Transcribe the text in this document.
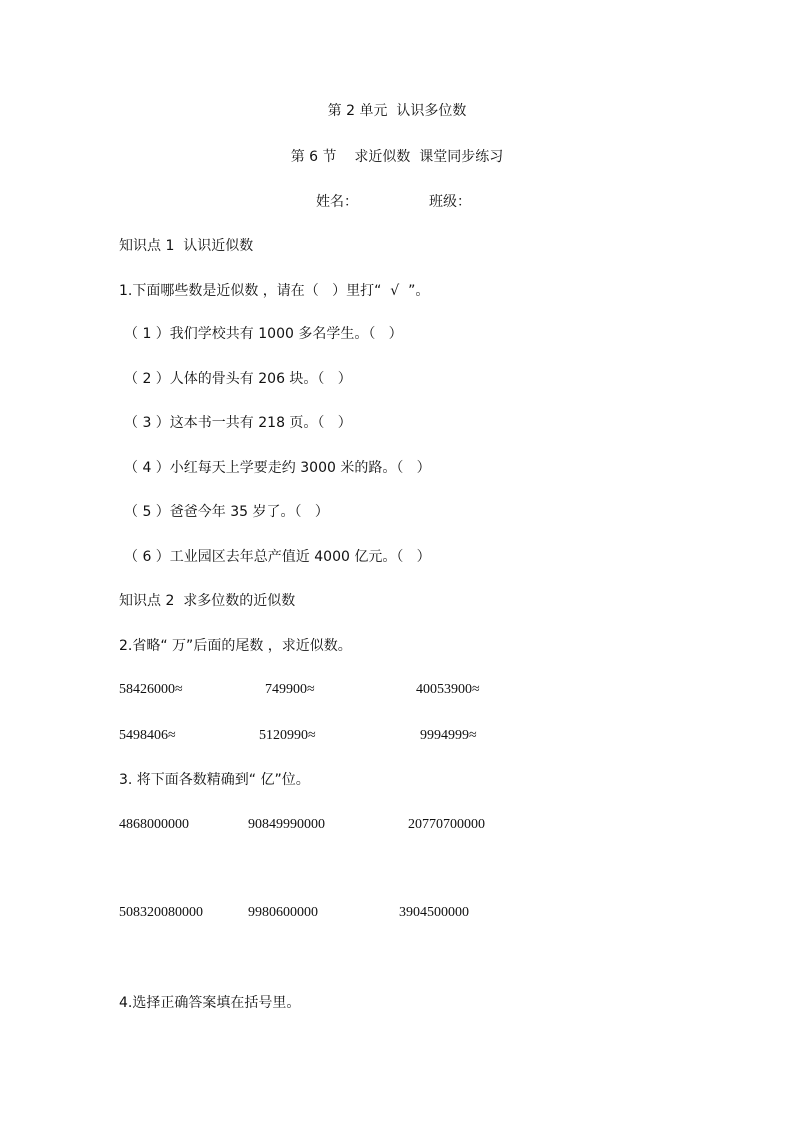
第 2 单元  认识多位数
第 6 节    求近似数  课堂同步练习
姓名：	班级：
知识点 1  认识近似数
1.下面哪些数是近似数 ，请在（   ）里打“  √  ”。
（ 1 ）我们学校共有 1000 多名学生。（   ）
（ 2 ）人体的骨头有 206 块。（   ）
（ 3 ）这本书一共有 218 页。（   ）
（ 4 ）小红每天上学要走约 3000 米的路。（   ）
（ 5 ）爸爸今年 35 岁了。（   ）
（ 6 ）工业园区去年总产值近 4000 亿元。（   ）
知识点 2  求多位数的近似数
2.省略“ 万”后面的尾数 ，求近似数。
58426000≈	749900≈	40053900≈
5498406≈	5120990≈	9994999≈
3. 将下面各数精确到“ 亿”位。
4868000000	90849990000	20770700000
508320080000	9980600000	3904500000
4.选择正确答案填在括号里。
